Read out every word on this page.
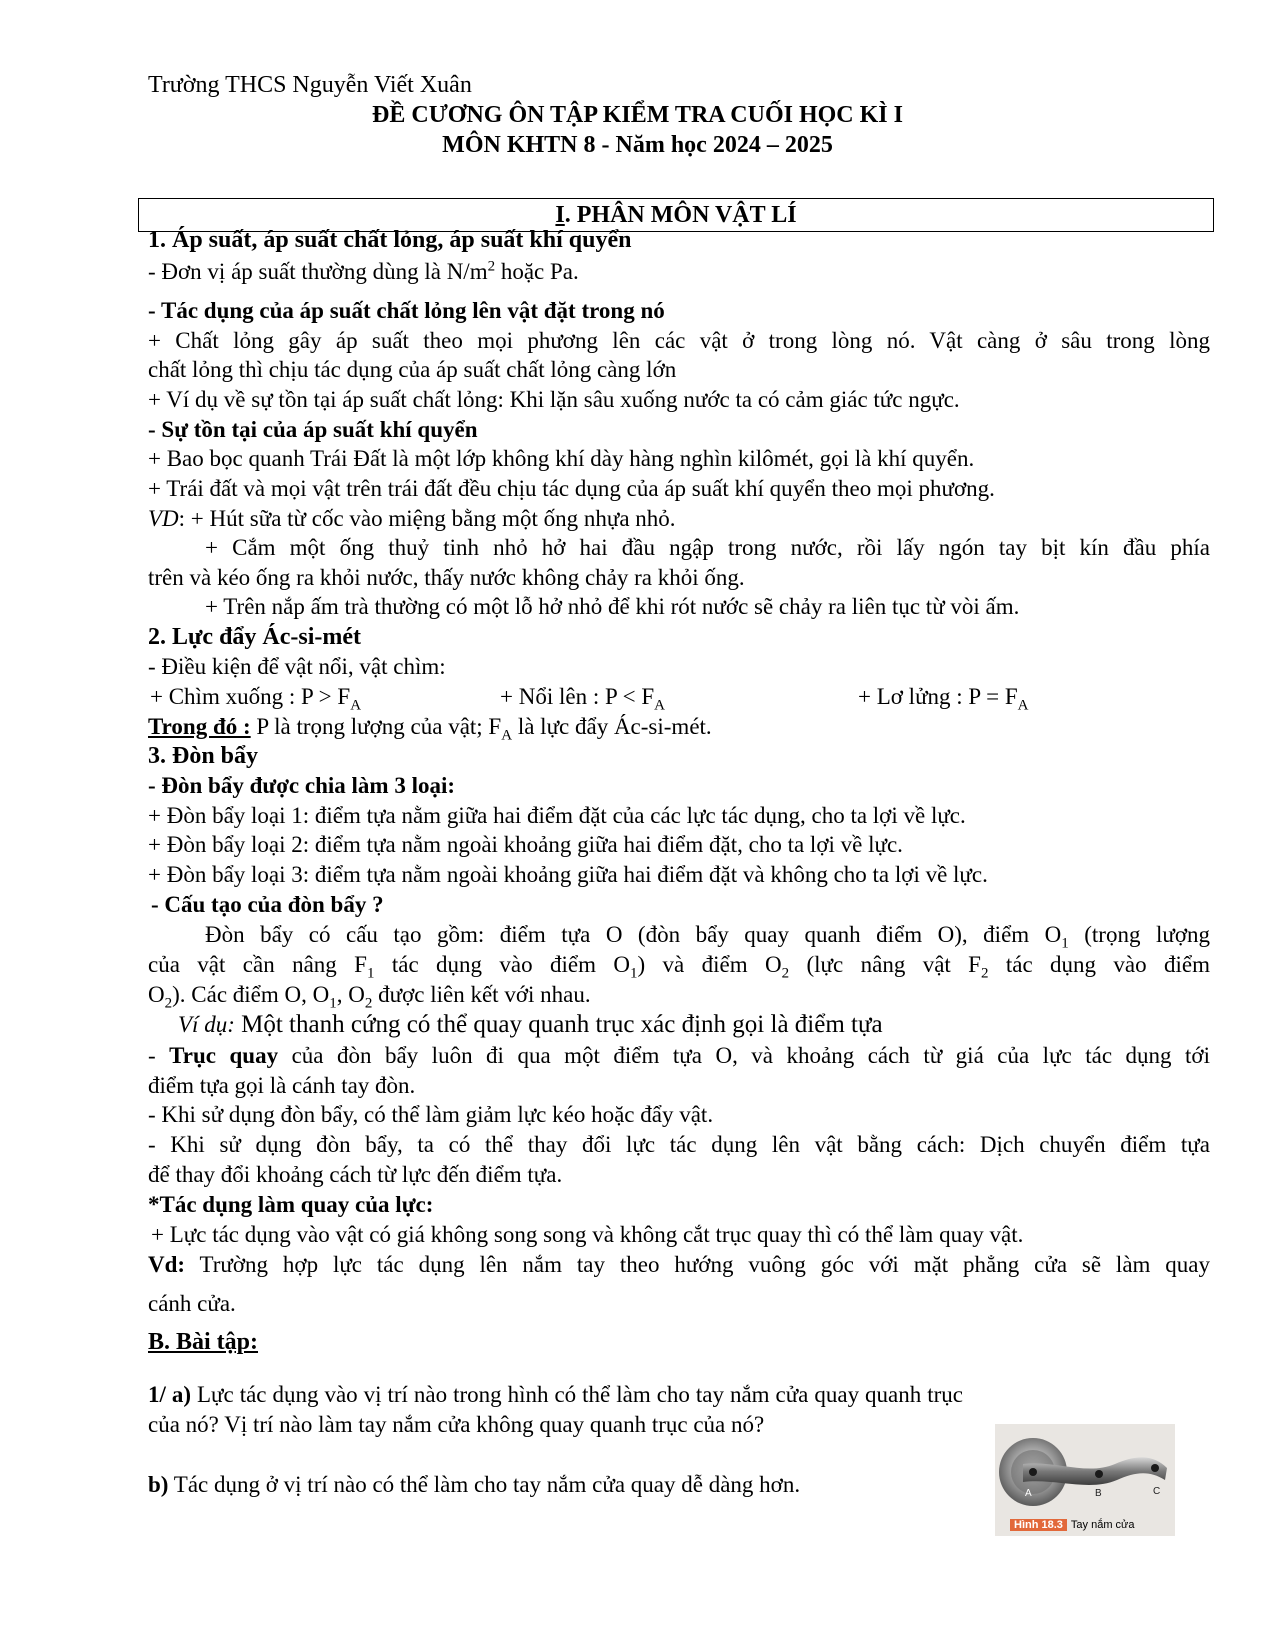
Trường THCS Nguyễn Viết Xuân
ĐỀ CƯƠNG ÔN TẬP KIỂM TRA CUỐI HỌC KÌ I
MÔN KHTN 8 - Năm học 2024 – 2025
I. PHÂN MÔN VẬT LÍ
1. Áp suất, áp suất chất lỏng, áp suất khí quyển
- Đơn vị áp suất thường dùng là $N/m^2$ hoặc Pa.
- Tác dụng của áp suất chất lỏng lên vật đặt trong nó
+ Chất lỏng gây áp suất theo mọi phương lên các vật ở trong lòng nó. Vật càng ở sâu trong lòng
chất lỏng thì chịu tác dụng của áp suất chất lỏng càng lớn
+ Ví dụ về sự tồn tại áp suất chất lỏng: Khi lặn sâu xuống nước ta có cảm giác tức ngực.
- Sự tồn tại của áp suất khí quyển
+ Bao bọc quanh Trái Đất là một lớp không khí dày hàng nghìn kilômét, gọi là khí quyển.
+ Trái đất và mọi vật trên trái đất đều chịu tác dụng của áp suất khí quyển theo mọi phương.
VD: + Hút sữa từ cốc vào miệng bằng một ống nhựa nhỏ.
+ Cắm một ống thuỷ tinh nhỏ hở hai đầu ngập trong nước, rồi lấy ngón tay bịt kín đầu phía
trên và kéo ống ra khỏi nước, thấy nước không chảy ra khỏi ống.
+ Trên nắp ấm trà thường có một lỗ hở nhỏ để khi rót nước sẽ chảy ra liên tục từ vòi ấm.
2. Lực đẩy Ác-si-mét
- Điều kiện để vật nổi, vật chìm:
+ Chìm xuống : $P > F_A$	+ Nổi lên : $P < F_A$	+ Lơ lửng : $P = F_A$
Trong đó : P là trọng lượng của vật; $F_A$ là lực đẩy Ác-si-mét.
3. Đòn bẩy
- Đòn bẩy được chia làm 3 loại:
+ Đòn bẩy loại 1: điểm tựa nằm giữa hai điểm đặt của các lực tác dụng, cho ta lợi về lực.
+ Đòn bẩy loại 2: điểm tựa nằm ngoài khoảng giữa hai điểm đặt, cho ta lợi về lực.
+ Đòn bẩy loại 3: điểm tựa nằm ngoài khoảng giữa hai điểm đặt và không cho ta lợi về lực.
- Cấu tạo của đòn bẩy ?
Đòn bẩy có cấu tạo gồm: điểm tựa O (đòn bẩy quay quanh điểm O), điểm $O_1$ (trọng lượng
của vật cần nâng $F_1$ tác dụng vào điểm $O_1$) và điểm $O_2$ (lực nâng vật $F_2$ tác dụng vào điểm
$O_2$). Các điểm O, $O_1$, $O_2$ được liên kết với nhau.
Ví dụ: Một thanh cứng có thể quay quanh trục xác định gọi là điểm tựa
- Trục quay của đòn bẩy luôn đi qua một điểm tựa O, và khoảng cách từ giá của lực tác dụng tới
điểm tựa gọi là cánh tay đòn.
- Khi sử dụng đòn bẩy, có thể làm giảm lực kéo hoặc đẩy vật.
- Khi sử dụng đòn bẩy, ta có thể thay đổi lực tác dụng lên vật bằng cách: Dịch chuyển điểm tựa
để thay đổi khoảng cách từ lực đến điểm tựa.
*Tác dụng làm quay của lực:
+ Lực tác dụng vào vật có giá không song song và không cắt trục quay thì có thể làm quay vật.
Vd: Trường hợp lực tác dụng lên nắm tay theo hướng vuông góc với mặt phẳng cửa sẽ làm quay
cánh cửa.
B. Bài tập:
1/ a) Lực tác dụng vào vị trí nào trong hình có thể làm cho tay nắm cửa quay quanh trục của nó? Vị trí nào làm tay nắm cửa không quay quanh trục của nó?
b) Tác dụng ở vị trí nào có thể làm cho tay nắm cửa quay dễ dàng hơn.	A	B	C
Hình 18.3 Tay nắm cửa
